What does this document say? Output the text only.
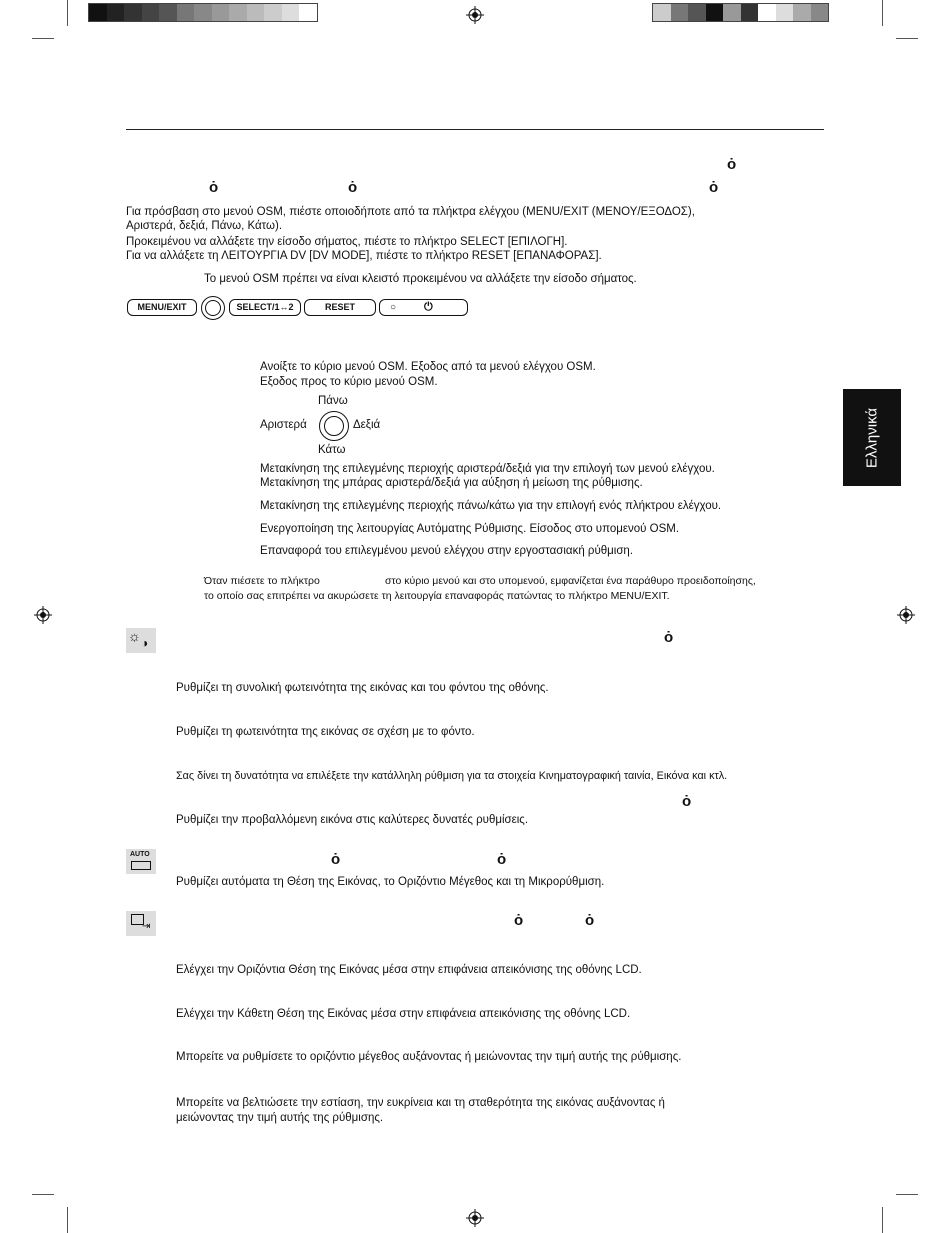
ȯ
ȯ	ȯ	ȯ
Για πρόσβαση στο μενού OSM, πιέστε οποιοδήποτε από τα πλήκτρα ελέγχου (MENU/EXIT (ΜΕΝΟΥ/ΕΞΟΔΟΣ),
Αριστερά, δεξιά, Πάνω, Κάτω).
Προκειμένου να αλλάξετε την είσοδο σήματος, πιέστε το πλήκτρο SELECT [ΕΠΙΛΟΓΗ].
Για να αλλάξετε τη ΛΕΙΤΟΥΡΓΙΑ DV [DV MODE], πιέστε το πλήκτρο RESET [ΕΠΑΝΑΦΟΡΑΣ].
Το μενού OSM πρέπει να είναι κλειστό προκειμένου να αλλάξετε την είσοδο σήματος.
MENU/EXIT	SELECT/1↔2	RESET	○	⏻
Ανοίξτε το κύριο μενού OSM. Εξοδος από τα μενού ελέγχου OSM.
Εξοδος προς το κύριο μενού OSM.
Πάνω
Αριστερά	Δεξιά
Κάτω
Μετακίνηση της επιλεγμένης περιοχής αριστερά/δεξιά για την επιλογή των μενού ελέγχου.
Μετακίνηση της μπάρας αριστερά/δεξιά για αύξηση ή μείωση της ρύθμισης.
Μετακίνηση της επιλεγμένης περιοχής πάνω/κάτω για την επιλογή ενός πλήκτρου ελέγχου.
Ενεργοποίηση της λειτουργίας Αυτόματης Ρύθμισης. Είσοδος στο υπομενού OSM.
Επαναφορά του επιλεγμένου μενού ελέγχου στην εργοστασιακή ρύθμιση.
Όταν πιέσετε το πλήκτρο	στο κύριο μενού και στο υπομενού, εμφανίζεται ένα παράθυρο προειδοποίησης,
το οποίο σας επιτρέπει να ακυρώσετε τη λειτουργία επαναφοράς πατώντας το πλήκτρο MENU/EXIT.
Ελληνικά
☼ ◑	ȯ
Ρυθμίζει τη συνολική φωτεινότητα της εικόνας και του φόντου της οθόνης.
Ρυθμίζει τη φωτεινότητα της εικόνας σε σχέση με το φόντο.
Σας δίνει τη δυνατότητα να επιλέξετε την κατάλληλη ρύθμιση για τα στοιχεία Κινηματογραφική ταινία, Εικόνα και κτλ.
ȯ
Ρυθμίζει την προβαλλόμενη εικόνα στις καλύτερες δυνατές ρυθμίσεις.
AUTO	ȯ	ȯ
Ρυθμίζει αυτόματα τη Θέση της Εικόνας, το Οριζόντιο Μέγεθος και τη Μικρορύθμιση.
⇥	ȯ	ȯ
Ελέγχει την Οριζόντια Θέση της Εικόνας μέσα στην επιφάνεια απεικόνισης της οθόνης LCD.
Ελέγχει την Κάθετη Θέση της Εικόνας μέσα στην επιφάνεια απεικόνισης της οθόνης LCD.
Μπορείτε να ρυθμίσετε το οριζόντιο μέγεθος αυξάνοντας ή μειώνοντας την τιμή αυτής της ρύθμισης.
Μπορείτε να βελτιώσετε την εστίαση, την ευκρίνεια και τη σταθερότητα της εικόνας αυξάνοντας ή
μειώνοντας την τιμή αυτής της ρύθμισης.
